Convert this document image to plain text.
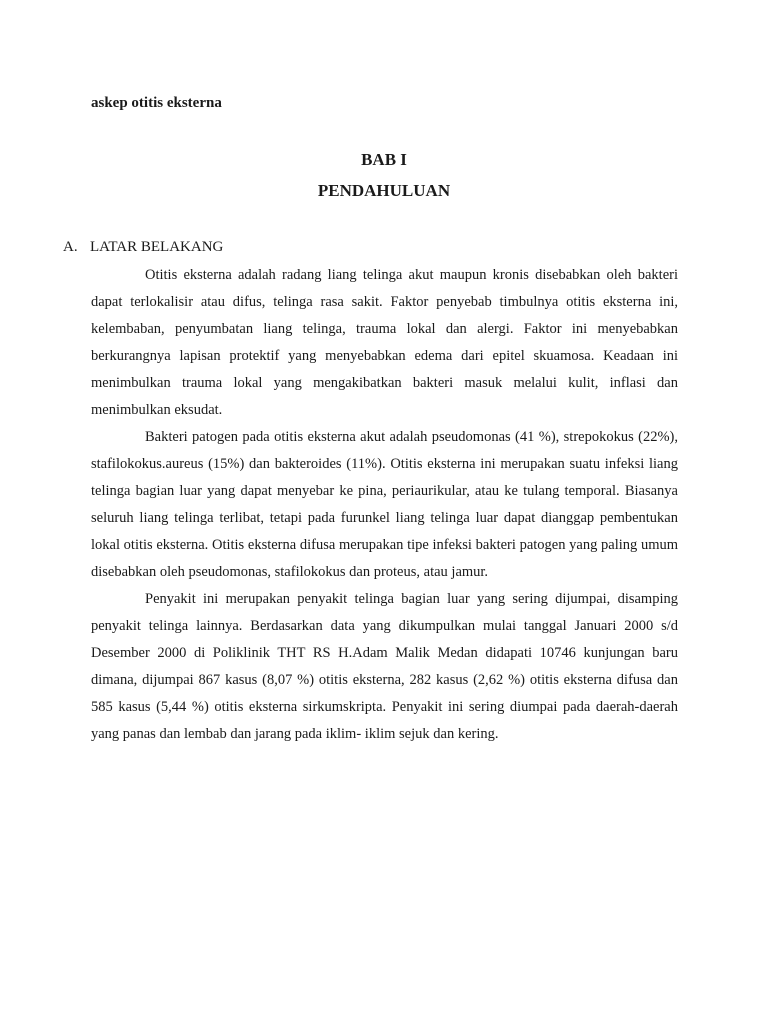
askep otitis eksterna
BAB I
PENDAHULUAN
A. LATAR BELAKANG

Otitis eksterna adalah radang liang telinga akut maupun kronis disebabkan oleh bakteri dapat terlokalisir atau difus, telinga rasa sakit. Faktor penyebab timbulnya otitis eksterna ini, kelembaban, penyumbatan liang telinga, trauma lokal dan alergi. Faktor ini menyebabkan berkurangnya lapisan protektif yang menyebabkan edema dari epitel skuamosa. Keadaan ini menimbulkan trauma lokal yang mengakibatkan bakteri masuk melalui kulit, inflasi dan menimbulkan eksudat.

Bakteri patogen pada otitis eksterna akut adalah pseudomonas (41 %), strepokokus (22%), stafilokokus.aureus (15%) dan bakteroides (11%). Otitis eksterna ini merupakan suatu infeksi liang telinga bagian luar yang dapat menyebar ke pina, periaurikular, atau ke tulang temporal. Biasanya seluruh liang telinga terlibat, tetapi pada furunkel liang telinga luar dapat dianggap pembentukan lokal otitis eksterna. Otitis eksterna difusa merupakan tipe infeksi bakteri patogen yang paling umum disebabkan oleh pseudomonas, stafilokokus dan proteus, atau jamur.

Penyakit ini merupakan penyakit telinga bagian luar yang sering dijumpai, disamping penyakit telinga lainnya. Berdasarkan data yang dikumpulkan mulai tanggal Januari 2000 s/d Desember 2000 di Poliklinik THT RS H.Adam Malik Medan didapati 10746 kunjungan baru dimana, dijumpai 867 kasus (8,07 %) otitis eksterna, 282 kasus (2,62 %) otitis eksterna difusa dan 585 kasus (5,44 %) otitis eksterna sirkumskripta. Penyakit ini sering diumpai pada daerah-daerah yang panas dan lembab dan jarang pada iklim- iklim sejuk dan kering.
